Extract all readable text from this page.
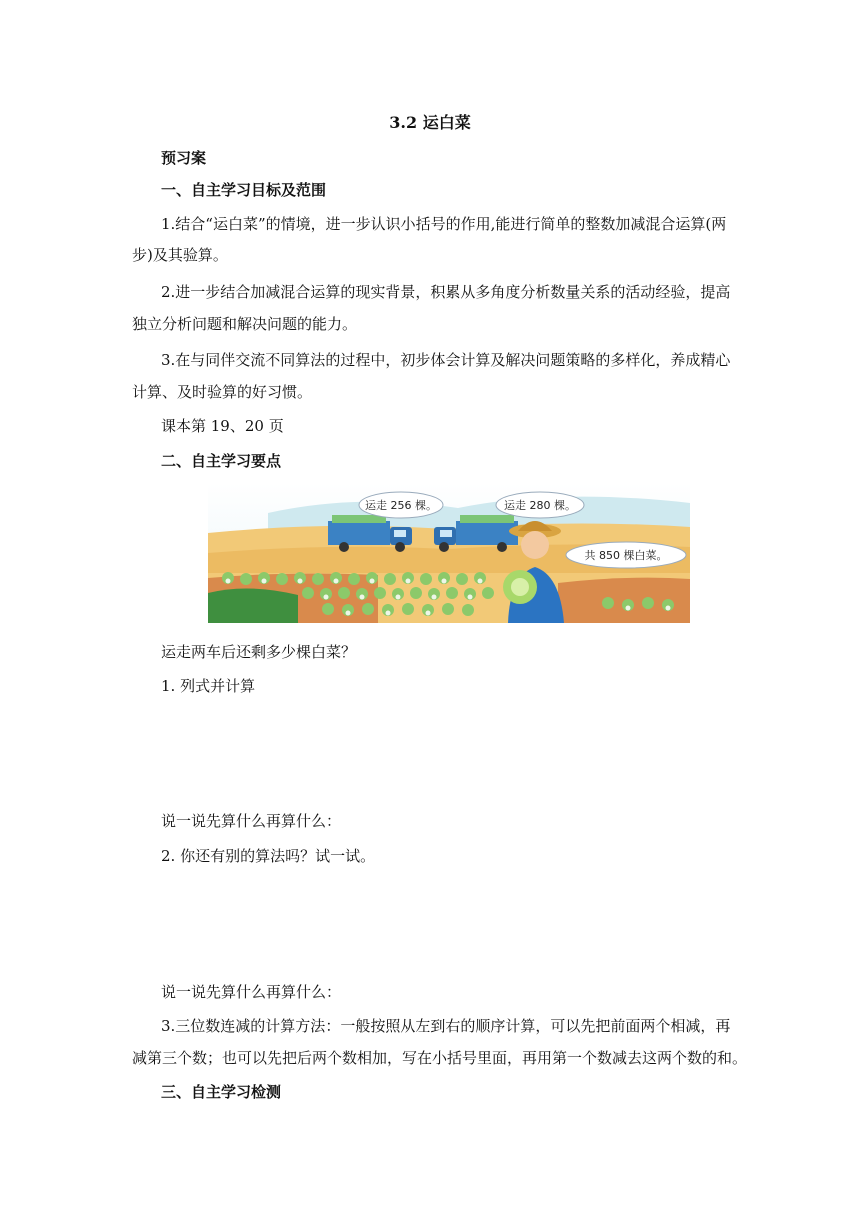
3.2 运白菜
预习案
一、自主学习目标及范围
1.结合“运白菜”的情境，进一步认识小括号的作用,能进行简单的整数加减混合运算(两
步)及其验算。
2.进一步结合加减混合运算的现实背景，积累从多角度分析数量关系的活动经验，提高
独立分析问题和解决问题的能力。
3.在与同伴交流不同算法的过程中，初步体会计算及解决问题策略的多样化，养成精心
计算、及时验算的好习惯。
课本第 19、20 页
二、自主学习要点
运走 256 棵。	运走 280 棵。
共 850 棵白菜。
运走两车后还剩多少棵白菜？
1. 列式并计算
说一说先算什么再算什么：
2. 你还有别的算法吗？试一试。
说一说先算什么再算什么：
3.三位数连减的计算方法：一般按照从左到右的顺序计算，可以先把前面两个相减，再
减第三个数；也可以先把后两个数相加，写在小括号里面，再用第一个数减去这两个数的和。
三、自主学习检测
